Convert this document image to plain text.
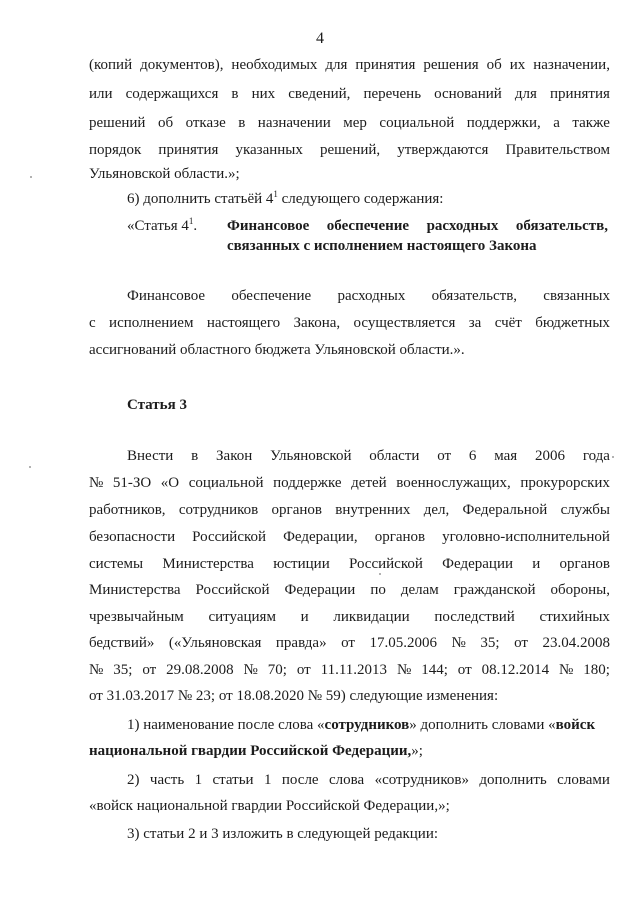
4
(копий документов), необходимых для принятия решения об их назначении,
или содержащихся в них сведений, перечень оснований для принятия
решений об отказе в назначении мер социальной поддержки, а также
порядок принятия указанных решений, утверждаются Правительством
Ульяновской области.»;
6) дополнить статьёй $4^1$ следующего содержания:
«Статья $4^1$. Финансовое обеспечение расходных обязательств,
связанных с исполнением настоящего Закона
Финансовое обеспечение расходных обязательств, связанных
с исполнением настоящего Закона, осуществляется за счёт бюджетных
ассигнований областного бюджета Ульяновской области.».
Статья 3
Внести в Закон Ульяновской области от 6 мая 2006 года
№ 51-ЗО «О социальной поддержке детей военнослужащих, прокурорских
работников, сотрудников органов внутренних дел, Федеральной службы
безопасности Российской Федерации, органов уголовно-исполнительной
системы Министерства юстиции Российской Федерации и органов
Министерства Российской Федерации по делам гражданской обороны,
чрезвычайным ситуациям и ликвидации последствий стихийных
бедствий» («Ульяновская правда» от 17.05.2006 № 35; от 23.04.2008
№ 35; от 29.08.2008 № 70; от 11.11.2013 № 144; от 08.12.2014 № 180;
от 31.03.2017 № 23; от 18.08.2020 № 59) следующие изменения:
1) наименование после слова «сотрудников» дополнить словами «войск
национальной гвардии Российской Федерации,»;
2) часть 1 статьи 1 после слова «сотрудников» дополнить словами
«войск национальной гвардии Российской Федерации,»;
3) статьи 2 и 3 изложить в следующей редакции:
